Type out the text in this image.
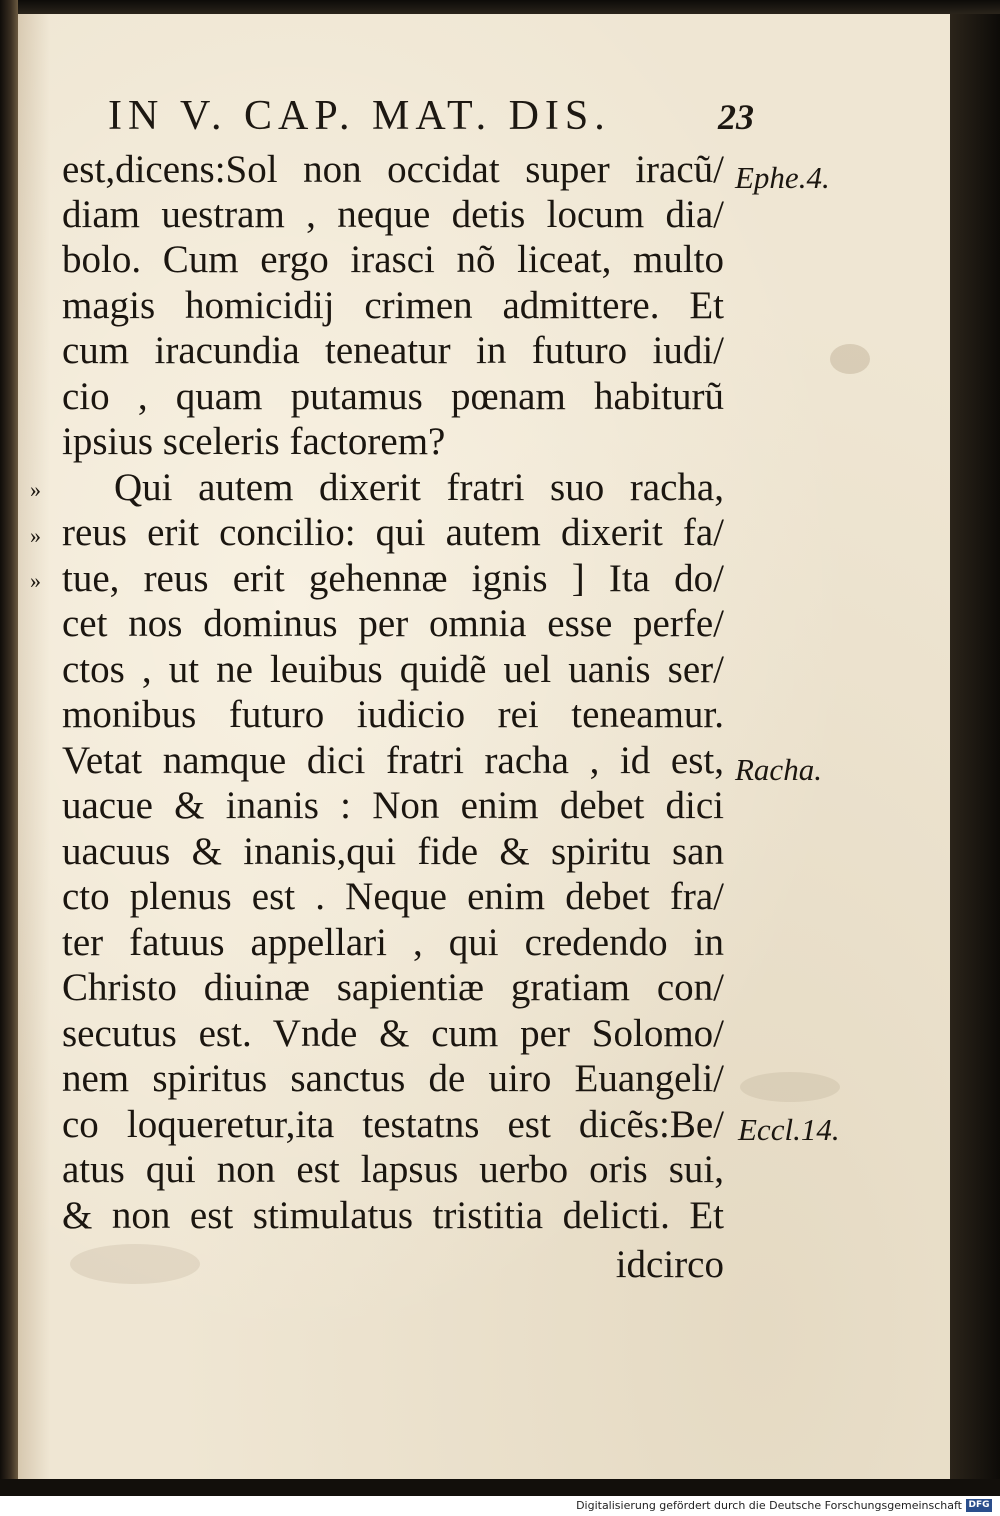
IN V. CAP. MAT. DIS.	23
est,dicens:Sol non occidat super iracũ/
diam uestram , neque detis locum dia/
bolo. Cum ergo irasci nõ liceat, multo
magis homicidij crimen admittere. Et
cum iracundia teneatur in futuro iudi/
cio , quam putamus pœnam habiturũ
ipsius sceleris factorem?
Qui autem dixerit fratri suo racha,
reus erit concilio: qui autem dixerit fa/
tue, reus erit gehennæ ignis ] Ita do/
cet nos dominus per omnia esse perfe/
ctos , ut ne leuibus quidẽ uel uanis ser/
monibus futuro iudicio rei teneamur.
Vetat namque dici fratri racha , id est,
uacue & inanis : Non enim debet dici
uacuus & inanis,qui fide & spiritu san
cto plenus est . Neque enim debet fra/
ter fatuus appellari , qui credendo in
Christo diuinæ sapientiæ gratiam con/
secutus est. Vnde & cum per Solomo/
nem spiritus sanctus de uiro Euangeli/
co loqueretur,ita testatns est dicẽs:Be/
atus qui non est lapsus uerbo oris sui,
& non est stimulatus tristitia delicti. Et
idcirco
»
»
»
Ephe.4.
Racha.
Eccl.14.
Digitalisierung gefördert durch die Deutsche Forschungsgemeinschaft DFG
